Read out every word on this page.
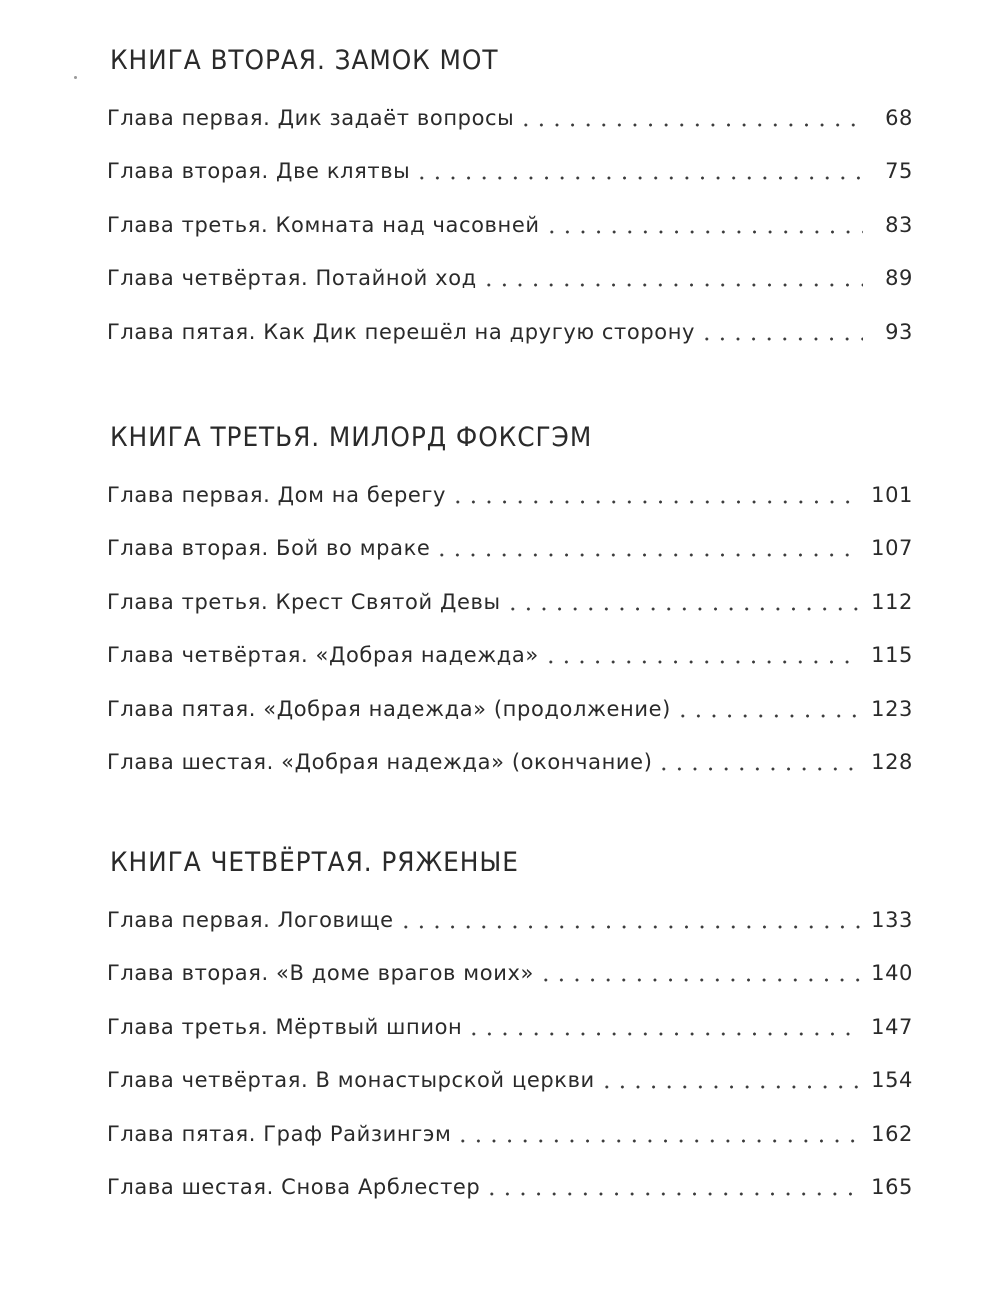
КНИГА ВТОРАЯ. ЗАМОК МОТ
Глава первая. Дик задаёт вопросы	68
Глава вторая. Две клятвы	75
Глава третья. Комната над часовней	83
Глава четвёртая. Потайной ход	89
Глава пятая. Как Дик перешёл на другую сторону	93
КНИГА ТРЕТЬЯ. МИЛОРД ФОКСГЭМ
Глава первая. Дом на берегу	101
Глава вторая. Бой во мраке	107
Глава третья. Крест Святой Девы	112
Глава четвёртая. «Добрая надежда»	115
Глава пятая. «Добрая надежда» (продолжение)	123
Глава шестая. «Добрая надежда» (окончание)	128
КНИГА ЧЕТВЁРТАЯ. РЯЖЕНЫЕ
Глава первая. Логовище	133
Глава вторая. «В доме врагов моих»	140
Глава третья. Мёртвый шпион	147
Глава четвёртая. В монастырской церкви	154
Глава пятая. Граф Райзингэм	162
Глава шестая. Снова Арблестер	165
